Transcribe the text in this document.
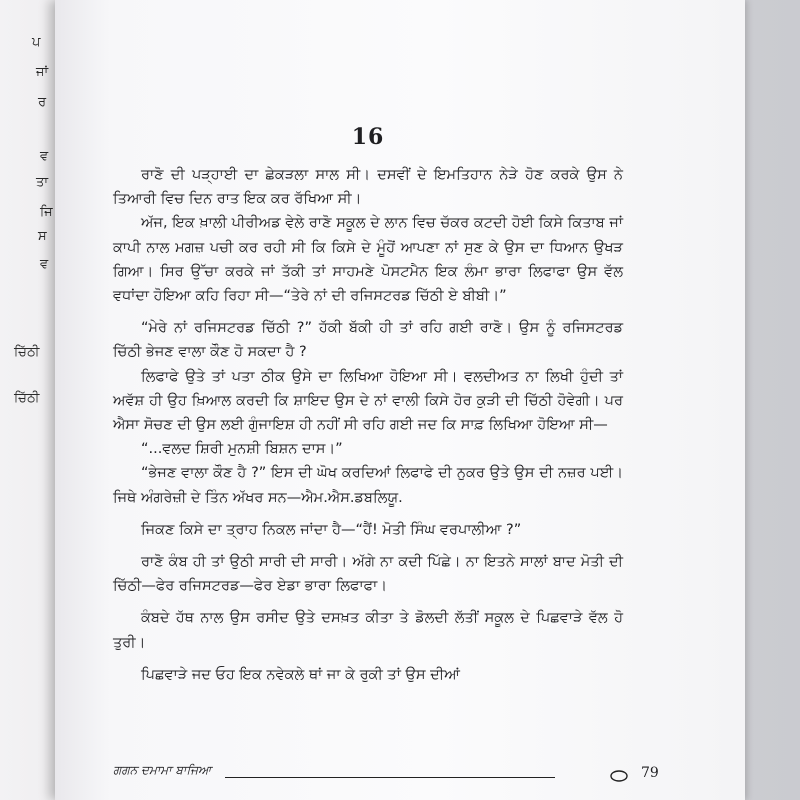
ਪ
ਜਾਂ
ਰ
ਵ
ਤਾ
ਜਿ
ਸ
ਵ
ਚਿੱਠੀ
ਚਿੱਠੀ
16

ਰਾਣੋ ਦੀ ਪੜ੍ਹਾਈ ਦਾ ਛੇਕੜਲਾ ਸਾਲ ਸੀ। ਦਸਵੀਂ ਦੇ ਇਮਤਿਹਾਨ ਨੇੜੇ ਹੋਣ ਕਰਕੇ ਉਸ ਨੇ ਤਿਆਰੀ ਵਿਚ ਦਿਨ ਰਾਤ ਇਕ ਕਰ ਰੱਖਿਆ ਸੀ।

ਅੱਜ, ਇਕ ਖ਼ਾਲੀ ਪੀਰੀਅਡ ਵੇਲੇ ਰਾਣੋ ਸਕੂਲ ਦੇ ਲਾਨ ਵਿਚ ਚੱਕਰ ਕਟਦੀ ਹੋਈ ਕਿਸੇ ਕਿਤਾਬ ਜਾਂ ਕਾਪੀ ਨਾਲ ਮਗਜ਼ ਪਚੀ ਕਰ ਰਹੀ ਸੀ ਕਿ ਕਿਸੇ ਦੇ ਮੂੰਹੋਂ ਆਪਣਾ ਨਾਂ ਸੁਣ ਕੇ ਉਸ ਦਾ ਧਿਆਨ ਉਖੜ ਗਿਆ। ਸਿਰ ਉੱਚਾ ਕਰਕੇ ਜਾਂ ਤੱਕੀ ਤਾਂ ਸਾਹਮਣੇ ਪੋਸਟਮੈਨ ਇਕ ਲੰਮਾ ਭਾਰਾ ਲਿਫਾਫਾ ਉਸ ਵੱਲ ਵਧਾਂਦਾ ਹੋਇਆ ਕਹਿ ਰਿਹਾ ਸੀ—“ਤੇਰੇ ਨਾਂ ਦੀ ਰਜਿਸਟਰਡ ਚਿੱਠੀ ਏ ਬੀਬੀ।”

“ਮੇਰੇ ਨਾਂ ਰਜਿਸਟਰਡ ਚਿੱਠੀ ?” ਹੱਕੀ ਬੱਕੀ ਹੀ ਤਾਂ ਰਹਿ ਗਈ ਰਾਣੋ। ਉਸ ਨੂੰ ਰਜਿਸਟਰਡ ਚਿੱਠੀ ਭੇਜਣ ਵਾਲਾ ਕੌਣ ਹੋ ਸਕਦਾ ਹੈ ?

ਲਿਫਾਫੇ ਉਤੇ ਤਾਂ ਪਤਾ ਠੀਕ ਉਸੇ ਦਾ ਲਿਖਿਆ ਹੋਇਆ ਸੀ। ਵਲਦੀਅਤ ਨਾ ਲਿਖੀ ਹੁੰਦੀ ਤਾਂ ਅਵੱਸ਼ ਹੀ ਉਹ ਖ਼ਿਆਲ ਕਰਦੀ ਕਿ ਸ਼ਾਇਦ ਉਸ ਦੇ ਨਾਂ ਵਾਲੀ ਕਿਸੇ ਹੋਰ ਕੁੜੀ ਦੀ ਚਿੱਠੀ ਹੋਵੇਗੀ। ਪਰ ਐਸਾ ਸੋਚਣ ਦੀ ਉਸ ਲਈ ਗੁੰਜਾਇਸ਼ ਹੀ ਨਹੀਂ ਸੀ ਰਹਿ ਗਈ ਜਦ ਕਿ ਸਾਫ਼ ਲਿਖਿਆ ਹੋਇਆ ਸੀ—

“...ਵਲਦ ਸ਼ਿਰੀ ਮੁਨਸ਼ੀ ਬਿਸ਼ਨ ਦਾਸ।”

“ਭੇਜਣ ਵਾਲਾ ਕੌਣ ਹੈ ?” ਇਸ ਦੀ ਘੋਖ ਕਰਦਿਆਂ ਲਿਫਾਫੇ ਦੀ ਨੁਕਰ ਉਤੇ ਉਸ ਦੀ ਨਜ਼ਰ ਪਈ। ਜਿਥੇ ਅੰਗਰੇਜ਼ੀ ਦੇ ਤਿੰਨ ਅੱਖਰ ਸਨ—ਐਮ.ਐਸ.ਡਬਲਿਯੂ.

ਜਿਕਣ ਕਿਸੇ ਦਾ ਤ੍ਰਾਹ ਨਿਕਲ ਜਾਂਦਾ ਹੈ—“ਹੈਂ! ਮੋਤੀ ਸਿੰਘ ਵਰਪਾਲੀਆ ?”

ਰਾਣੋ ਕੰਬ ਹੀ ਤਾਂ ਉਠੀ ਸਾਰੀ ਦੀ ਸਾਰੀ। ਅੱਗੇ ਨਾ ਕਦੀ ਪਿੱਛੇ। ਨਾ ਇਤਨੇ ਸਾਲਾਂ ਬਾਦ ਮੋਤੀ ਦੀ ਚਿੱਠੀ—ਫੇਰ ਰਜਿਸਟਰਡ—ਫੇਰ ਏਡਾ ਭਾਰਾ ਲਿਫਾਫਾ।

ਕੰਬਦੇ ਹੱਥ ਨਾਲ ਉਸ ਰਸੀਦ ਉਤੇ ਦਸਖ਼ਤ ਕੀਤਾ ਤੇ ਡੋਲਦੀ ਲੱਤੀਂ ਸਕੂਲ ਦੇ ਪਿਛਵਾੜੇ ਵੱਲ ਹੋ ਤੁਰੀ।

ਪਿਛਵਾੜੇ ਜਦ ਓਹ ਇਕ ਨਵੇਕਲੇ ਥਾਂ ਜਾ ਕੇ ਰੁਕੀ ਤਾਂ ਉਸ ਦੀਆਂ

ਗਗਨ ਦਮਾਮਾ ਬਾਜਿਆ	79
